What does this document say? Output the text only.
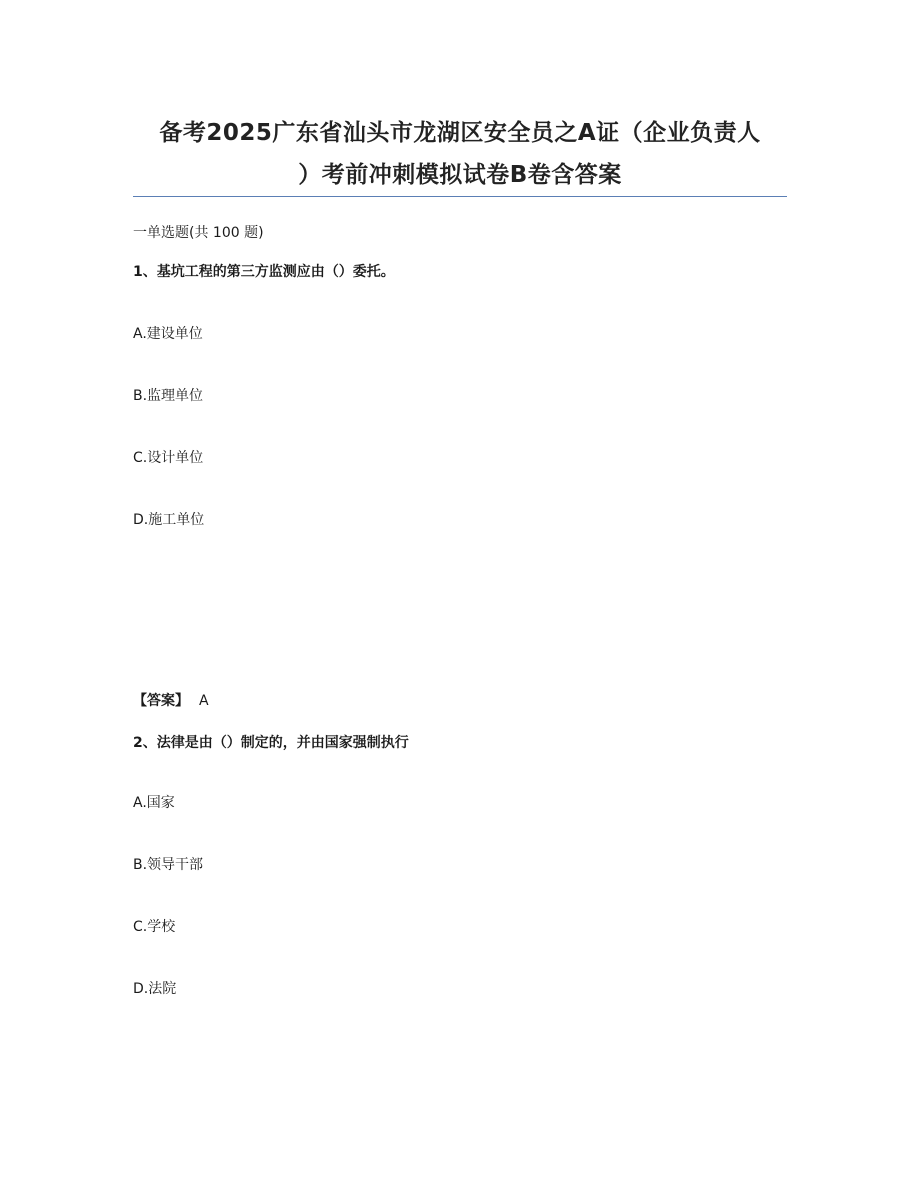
备考2025广东省汕头市龙湖区安全员之A证（企业负责人
）考前冲刺模拟试卷B卷含答案
一单选题(共 100 题)
1、基坑工程的第三方监测应由（）委托。
A.建设单位
B.监理单位
C.设计单位
D.施工单位
【答案】 A
2、法律是由（）制定的，并由国家强制执行
A.国家
B.领导干部
C.学校
D.法院
